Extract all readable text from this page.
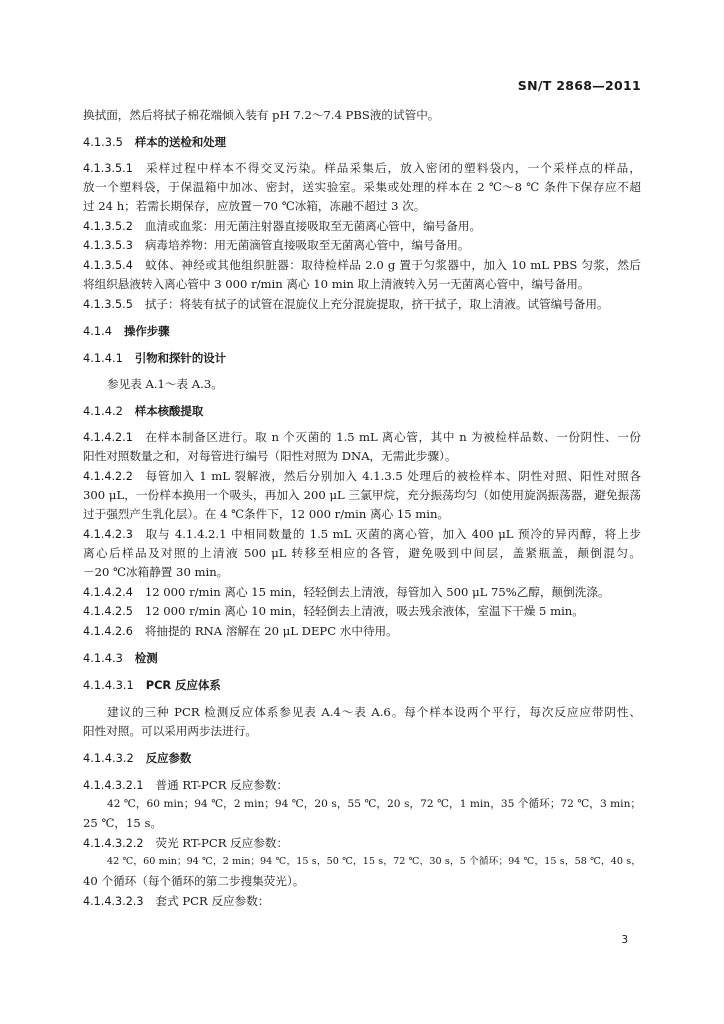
SN/T 2868—2011
换拭面，然后将拭子棉花端倾入装有 pH 7.2～7.4 PBS液的试管中。
4.1.3.5 样本的送检和处理
4.1.3.5.1 采样过程中样本不得交叉污染。样品采集后，放入密闭的塑料袋内，一个采样点的样品，
放一个塑料袋，于保温箱中加冰、密封，送实验室。采集或处理的样本在 2 ℃～8 ℃ 条件下保存应不超
过 24 h；若需长期保存，应放置－70 ℃冰箱，冻融不超过 3 次。
4.1.3.5.2 血清或血浆：用无菌注射器直接吸取至无菌离心管中，编号备用。
4.1.3.5.3 病毒培养物：用无菌滴管直接吸取至无菌离心管中，编号备用。
4.1.3.5.4 蚊体、神经或其他组织脏器：取待检样品 2.0 g 置于匀浆器中，加入 10 mL PBS 匀浆，然后
将组织悬液转入离心管中 3 000 r/min 离心 10 min 取上清液转入另一无菌离心管中，编号备用。
4.1.3.5.5 拭子：将装有拭子的试管在混旋仪上充分混旋提取，挤干拭子，取上清液。试管编号备用。
4.1.4 操作步骤
4.1.4.1 引物和探针的设计
参见表 A.1～表 A.3。
4.1.4.2 样本核酸提取
4.1.4.2.1 在样本制备区进行。取 n 个灭菌的 1.5 mL 离心管，其中 n 为被检样品数、一份阴性、一份
阳性对照数量之和，对每管进行编号（阳性对照为 DNA，无需此步骤）。
4.1.4.2.2 每管加入 1 mL 裂解液，然后分别加入 4.1.3.5 处理后的被检样本、阴性对照、阳性对照各
300 μL，一份样本换用一个吸头，再加入 200 μL 三氯甲烷，充分振荡均匀（如使用旋涡振荡器，避免振荡
过于强烈产生乳化层）。在 4 ℃条件下，12 000 r/min 离心 15 min。
4.1.4.2.3 取与 4.1.4.2.1 中相同数量的 1.5 mL 灭菌的离心管，加入 400 μL 预冷的异丙醇，将上步
离心后样品及对照的上清液 500 μL 转移至相应的各管，避免吸到中间层，盖紧瓶盖，颠倒混匀。
－20 ℃冰箱静置 30 min。
4.1.4.2.4 12 000 r/min 离心 15 min，轻轻倒去上清液，每管加入 500 μL 75%乙醇，颠倒洗涤。
4.1.4.2.5 12 000 r/min 离心 10 min，轻轻倒去上清液，吸去残余液体，室温下干燥 5 min。
4.1.4.2.6 将抽提的 RNA 溶解在 20 μL DEPC 水中待用。
4.1.4.3 检测
4.1.4.3.1 PCR 反应体系
建议的三种 PCR 检测反应体系参见表 A.4～表 A.6。每个样本设两个平行，每次反应应带阴性、
阳性对照。可以采用两步法进行。
4.1.4.3.2 反应参数
4.1.4.3.2.1 普通 RT-PCR 反应参数：
42 ℃，60 min；94 ℃，2 min；94 ℃，20 s，55 ℃，20 s，72 ℃，1 min，35 个循环；72 ℃，3 min；
25 ℃，15 s。
4.1.4.3.2.2 荧光 RT-PCR 反应参数：
42 ℃，60 min；94 ℃，2 min；94 ℃，15 s，50 ℃，15 s，72 ℃，30 s，5 个循环；94 ℃，15 s，58 ℃，40 s，
40 个循环（每个循环的第二步搜集荧光）。
4.1.4.3.2.3 套式 PCR 反应参数：
3
